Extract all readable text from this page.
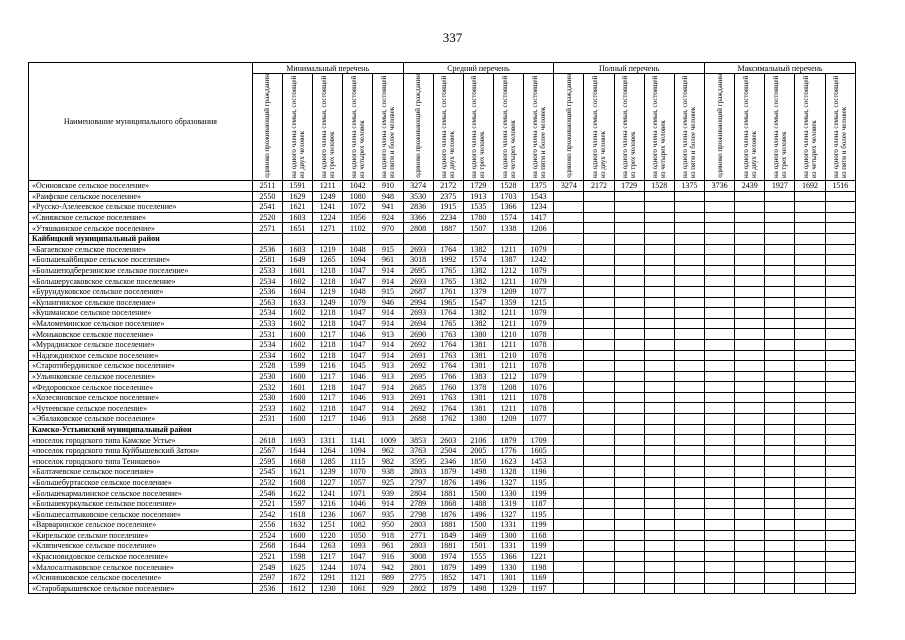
337
Наименование муниципального образования	Минимальный перечень					Средний перечень					Полный перечень					Максимальный перечень				
	одиноко проживающий гражданин	на одного члена семьи, состоящей из двух человек	на одного члена семьи, состоящей из трех человек	на одного члена семьи, состоящей из четырех человек	на одного члена семьи, состоящей из пяти и более человек	одиноко проживающий гражданин	на одного члена семьи, состоящей из двух человек	на одного члена семьи, состоящей из трех человек	на одного члена семьи, состоящей из четырех человек	на одного члена семьи, состоящей из пяти и более человек	одиноко проживающий гражданин	на одного члена семьи, состоящей из двух человек	на одного члена семьи, состоящей из трех человек	на одного члена семьи, состоящей из четырех человек	на одного члена семьи, состоящей из пяти и более человек	одиноко проживающий гражданин	на одного члена семьи, состоящей из двух человек	на одного члена семьи, состоящей из трех человек	на одного члена семьи, состоящей из четырех человек	на одного члена семьи, состоящей из пяти и более человек
«Осиновское сельское поселение»	2511	1591	1211	1042	910	3274	2172	1729	1528	1375	3274	2172	1729	1528	1375	3736	2439	1927	1692	1516
«Раифское сельское поселение»	2550	1629	1249	1080	948	3530	2375	1913	1703	1543										
«Русско-Азелеевское сельское поселение»	2541	1621	1241	1072	941	2836	1915	1535	1366	1234										
«Свияжское сельское поселение»	2520	1603	1224	1056	924	3366	2234	1780	1574	1417										
«Утяшкинское сельское поселение»	2571	1651	1271	1102	970	2808	1887	1507	1338	1206										
Кайбицкий муниципальный район																				
«Багаевское сельское поселение»	2536	1603	1219	1048	915	2693	1764	1382	1211	1079										
«Большекайбицкое сельское поселение»	2581	1649	1265	1094	961	3018	1992	1574	1387	1242										
«Большеподберезинское сельское поселение»	2533	1601	1218	1047	914	2695	1765	1382	1212	1079										
«Большерусаковское сельское поселение»	2534	1602	1218	1047	914	2693	1765	1382	1211	1079										
«Бурундуковское сельское поселение»	2536	1604	1219	1048	915	2687	1761	1379	1209	1077										
«Кулангинское сельское поселение»	2563	1633	1249	1079	946	2994	1965	1547	1359	1215										
«Кушманское сельское поселение»	2534	1602	1218	1047	914	2693	1764	1382	1211	1079										
«Маломеминское сельское поселение»	2533	1602	1218	1047	914	2694	1765	1382	1211	1079										
«Моньковское сельское поселение»	2531	1600	1217	1046	913	2690	1763	1380	1210	1078										
«Мурадинское сельское поселение»	2534	1602	1218	1047	914	2692	1764	1381	1211	1078										
«Надеждинское сельское поселение»	2534	1602	1218	1047	914	2691	1763	1381	1210	1078										
«Старотябердинское сельское поселение»	2528	1599	1216	1045	913	2692	1764	1381	1211	1078										
«Ульянковское сельское поселение»	2530	1600	1217	1046	913	2695	1766	1383	1212	1079										
«Федоровское сельское поселение»	2532	1601	1218	1047	914	2685	1760	1378	1208	1076										
«Хозесяновское сельское поселение»	2530	1600	1217	1046	913	2691	1763	1381	1211	1078										
«Чутеевское сельское поселение»	2533	1602	1218	1047	914	2692	1764	1381	1211	1078										
«Эбалаковское сельское поселение»	2531	1600	1217	1046	913	2688	1762	1380	1209	1077										
Камско-Устьинский муниципальный район																				
«поселок городского типа Камское Устье»	2618	1693	1311	1141	1009	3853	2603	2106	1879	1709										
«поселок городского типа Куйбышевский Затон»	2567	1644	1264	1094	962	3763	2504	2005	1776	1605										
«поселок городского типа Тенишево»	2595	1668	1285	1115	982	3595	2346	1850	1623	1453										
«Балтачевское сельское поселение»	2545	1621	1239	1070	938	2803	1879	1498	1328	1196										
«Большебуртасское сельское поселение»	2532	1608	1227	1057	925	2797	1876	1496	1327	1195										
«Большекармалинское сельское поселение»	2546	1622	1241	1071	939	2804	1881	1500	1330	1199										
«Большекуркульское сельское поселение»	2521	1597	1216	1046	914	2789	1868	1488	1319	1187										
«Большесалтыковское сельское поселение»	2542	1618	1236	1067	935	2798	1876	1496	1327	1195										
«Варваринское сельское поселение»	2556	1632	1251	1082	950	2803	1881	1500	1331	1199										
«Кирельское сельское поселение»	2524	1600	1220	1050	918	2771	1849	1469	1300	1168										
«Кляпичевское сельское поселение»	2568	1644	1263	1093	961	2803	1881	1501	1331	1199										
«Красновидовское сельское поселение»	2521	1598	1217	1047	916	3008	1974	1555	1366	1221										
«Малосалтыковское сельское поселение»	2549	1625	1244	1074	942	2801	1879	1499	1330	1198										
«Осининковское сельское поселение»	2597	1672	1291	1121	989	2775	1852	1471	1301	1169										
«Старобарышевское сельское поселение»	2536	1612	1230	1061	929	2802	1879	1498	1329	1197										
